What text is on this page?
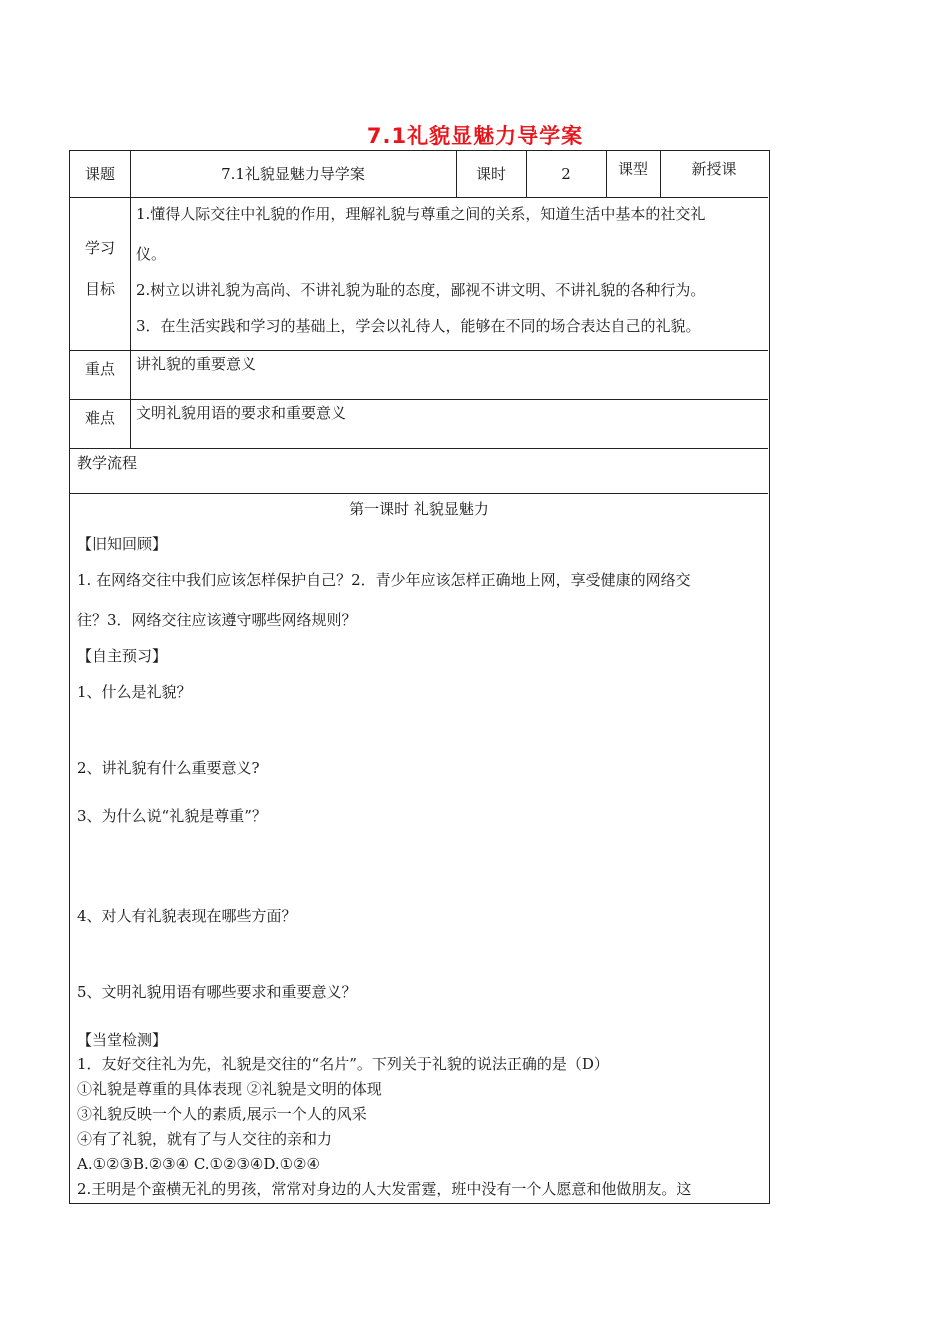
7.1礼貌显魅力导学案
课题	7.1礼貌显魅力导学案	课时	2	课型	新授课
学习
目标
1.懂得人际交往中礼貌的作用，理解礼貌与尊重之间的关系，知道生活中基本的社交礼
仪。
2.树立以讲礼貌为高尚、不讲礼貌为耻的态度，鄙视不讲文明、不讲礼貌的各种行为。
3．在生活实践和学习的基础上，学会以礼待人，能够在不同的场合表达自己的礼貌。
重点	讲礼貌的重要意义
难点	文明礼貌用语的要求和重要意义
教学流程
第一课时 礼貌显魅力
【旧知回顾】
1. 在网络交往中我们应该怎样保护自己？2．青少年应该怎样正确地上网，享受健康的网络交
往？3．网络交往应该遵守哪些网络规则？
【自主预习】
1、什么是礼貌？
2、讲礼貌有什么重要意义?
3、为什么说“礼貌是尊重”？
4、对人有礼貌表现在哪些方面？
5、文明礼貌用语有哪些要求和重要意义？
【当堂检测】
1．友好交往礼为先，礼貌是交往的“名片”。下列关于礼貌的说法正确的是（D）
①礼貌是尊重的具体表现 ②礼貌是文明的体现
③礼貌反映一个人的素质,展示一个人的风采
④有了礼貌，就有了与人交往的亲和力
A.①②③B.②③④ C.①②③④D.①②④
2.王明是个蛮横无礼的男孩，常常对身边的人大发雷霆，班中没有一个人愿意和他做朋友。这
